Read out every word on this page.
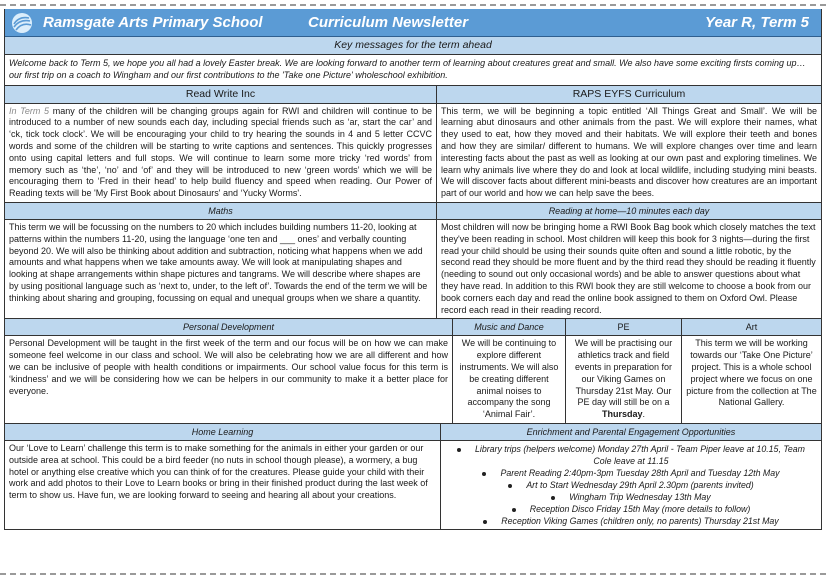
Ramsgate Arts Primary School	Curriculum Newsletter	Year R, Term 5
Key messages for the term ahead
Welcome back to Term 5, we hope you all had a lovely Easter break. We are looking forward to another term of learning about creatures great and small. We also have some exciting firsts coming up… our first trip on a coach to Wingham and our first contributions to the 'Take one Picture' wholeschool exhibition.
Read Write Inc	RAPS EYFS Curriculum
In Term 5 many of the children will be changing groups again for RWI and children will continue to be introduced to a number of new sounds each day, including special friends such as ‘ar, start the car’ and ‘ck, tick tock clock’. We will be encouraging your child to try hearing the sounds in 4 and 5 letter CCVC words and some of the children will be starting to write captions and sentences. This quickly progresses onto using capital letters and full stops. We will continue to learn some more tricky ‘red words’ from memory such as ‘the’, ‘no’ and ‘of’ and they will be introduced to new ‘green words’ which we will be encouraging them to ‘Fred in their head’ to help build fluency and speed when reading. Our Power of Reading texts will be 'My First Book about Dinosaurs' and ‘Yucky Worms'.
This term, we will be beginning a topic entitled ‘All Things Great and Small’. We will be learning abut dinosaurs and other animals from the past. We will explore their names, what they used to eat, how they moved and their habitats. We will explore their teeth and bones and how they are similar/ different to humans. We will explore changes over time and learn interesting facts about the past as well as looking at our own past and exploring timelines. We learn why animals live where they do and look at local wildlife, including studying mini beasts. We will discover facts about different mini-beasts and discover how creatures are an important part of our world and how we can help save the bees.
Maths	Reading at home—10 minutes each day
This term we will be focussing on the numbers to 20 which includes building numbers 11-20, looking at patterns within the numbers 11-20, using the language ‘one ten and ___ ones’ and verbally counting beyond 20. We will also be thinking about addition and subtraction, noticing what happens when we add amounts and what happens when we take amounts away. We will look at manipulating shapes and looking at shape arrangements within shape pictures and tangrams. We will describe where shapes are by using positional language such as ‘next to, under, to the left of’. Towards the end of the term we will be thinking about sharing and grouping, focussing on equal and unequal groups when we share a quantity.
Most children will now be bringing home a RWI Book Bag book which closely matches the text they've been reading in school. Most children will keep this book for 3 nights—during the first read your child should be using their sounds quite often and sound a little robotic, by the second read they should be more fluent and by the third read they should be reading it fluently (needing to sound out only occasional words) and be able to answer questions about what they have read. In addition to this RWI book they are still welcome to choose a book from our book corners each day and read the online book assigned to them on Oxford Owl. Please record each read in their reading record.
Personal Development	Music and Dance	PE	Art
Personal Development will be taught in the first week of the term and our focus will be on how we can make someone feel welcome in our class and school. We will also be celebrating how we are all different and how we can be inclusive of people with health conditions or impairments. Our school value focus for this term is ‘kindness’ and we will be considering how we can be helpers in our community to make it a better place for everyone.
We will be continuing to explore different instruments. We will also be creating different animal noises to accompany the song ‘Animal Fair’.
We will be practising our athletics track and field events in preparation for our Viking Games on Thursday 21st May. Our PE day will still be on a Thursday.
This term we will be working towards our ‘Take One Picture’ project. This is a whole school project where we focus on one picture from the collection at The National Gallery.
Home Learning	Enrichment and Parental Engagement Opportunities
Our ‘Love to Learn’ challenge this term is to make something for the animals in either your garden or our outside area at school. This could be a bird feeder (no nuts in school though please), a wormery, a bug hotel or anything else creative which you can think of for the creatures. Please guide your child with their work and add photos to their Love to Learn books or bring in their finished product during the last week of term to show us. Have fun, we are looking forward to seeing and hearing all about your creations.
Library trips (helpers welcome) Monday 27th April - Team Piper leave at 10.15, Team Cole leave at 11.15
Parent Reading 2:40pm-3pm Tuesday 28th April and Tuesday 12th May
Art to Start Wednesday 29th April 2.30pm (parents invited)
Wingham Trip Wednesday 13th May
Reception Disco Friday 15th May (more details to follow)
Reception Viking Games (children only, no parents) Thursday 21st May
